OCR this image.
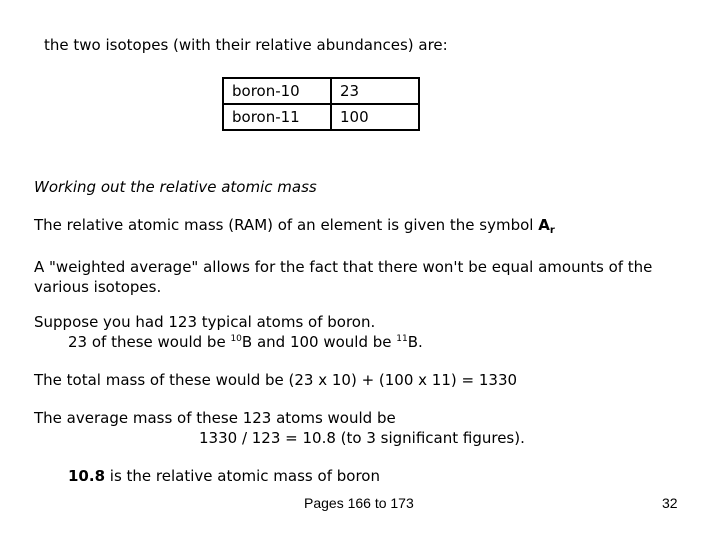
the two isotopes (with their relative abundances) are:
boron-10	23
boron-11	100
Working out the relative atomic mass
The relative atomic mass (RAM) of an element is given the symbol $A_r$
A "weighted average" allows for the fact that there won't be equal amounts of the various isotopes.
Suppose you had 123 typical atoms of boron.
23 of these would be $^{10}$B and 100 would be $^{11}$B.
The total mass of these would be (23 x 10) + (100 x 11) = 1330
The average mass of these 123 atoms would be
1330 / 123 = 10.8 (to 3 significant figures).
10.8 is the relative atomic mass of boron
Pages 166 to 173	32
